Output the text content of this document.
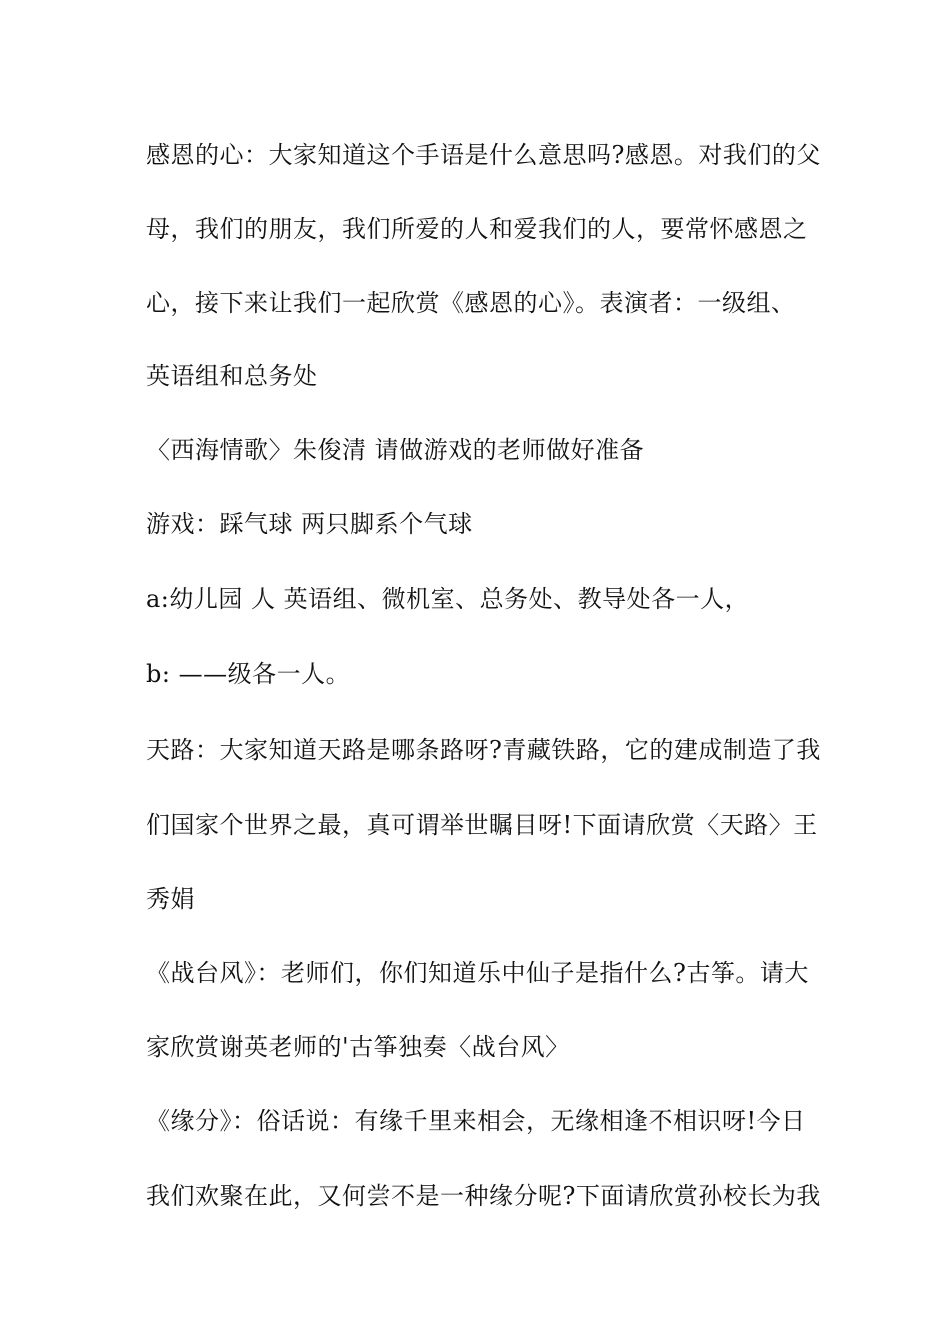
感恩的心：大家知道这个手语是什么意思吗?感恩。对我们的父

母，我们的朋友，我们所爱的人和爱我们的人，要常怀感恩之

心，接下来让我们一起欣赏《感恩的心》。表演者：一级组、

英语组和总务处

〈西海情歌〉朱俊清 请做游戏的老师做好准备

游戏：踩气球 两只脚系个气球

a:幼儿园 人 英语组、微机室、总务处、教导处各一人，

b: ——级各一人。

天路：大家知道天路是哪条路呀?青藏铁路，它的建成制造了我

们国家个世界之最，真可谓举世瞩目呀!下面请欣赏〈天路〉王

秀娟

《战台风》：老师们，你们知道乐中仙子是指什么?古筝。请大

家欣赏谢英老师的'古筝独奏〈战台风〉

《缘分》：俗话说：有缘千里来相会，无缘相逢不相识呀!今日

我们欢聚在此，又何尝不是一种缘分呢?下面请欣赏孙校长为我
